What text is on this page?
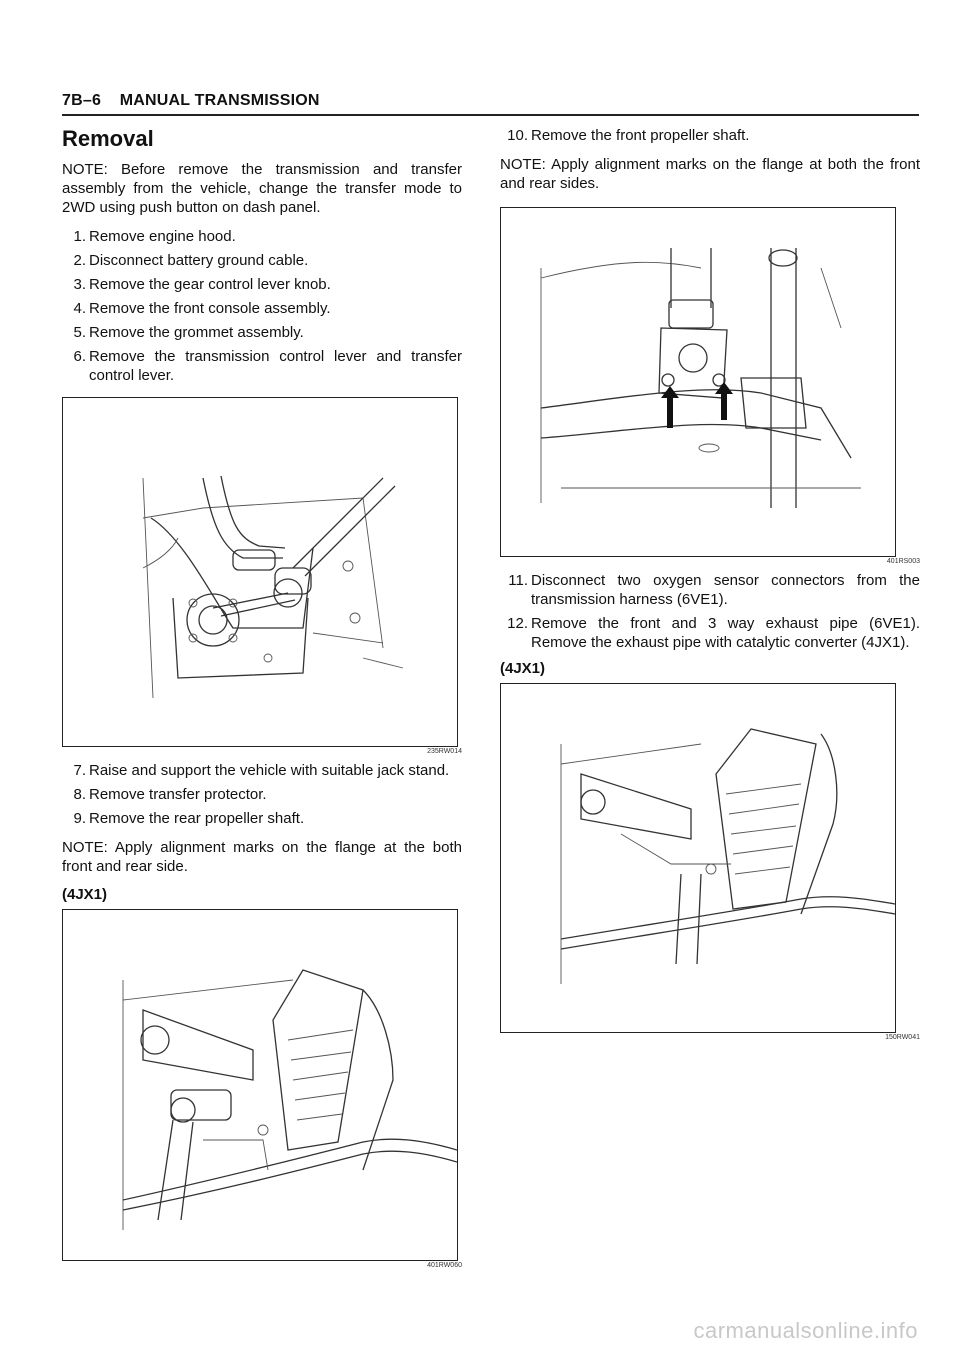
7B–6 MANUAL TRANSMISSION
Removal

NOTE: Before remove the transmission and transfer assembly from the vehicle, change the transfer mode to 2WD using push button on dash panel.

1. Remove engine hood.
2. Disconnect battery ground cable.
3. Remove the gear control lever knob.
4. Remove the front console assembly.
5. Remove the grommet assembly.
6. Remove the transmission control lever and transfer control lever.
235RW014
7. Raise and support the vehicle with suitable jack stand.
8. Remove transfer protector.
9. Remove the rear propeller shaft.

NOTE: Apply alignment marks on the flange at the both front and rear side.

(4JX1)
401RW060
10. Remove the front propeller shaft.

NOTE: Apply alignment marks on the flange at both the front and rear sides.

401RS003
11. Disconnect two oxygen sensor connectors from the transmission harness (6VE1).
12. Remove the front and 3 way exhaust pipe (6VE1). Remove the exhaust pipe with catalytic converter (4JX1).
(4JX1)
150RW041
carmanualsonline.info
